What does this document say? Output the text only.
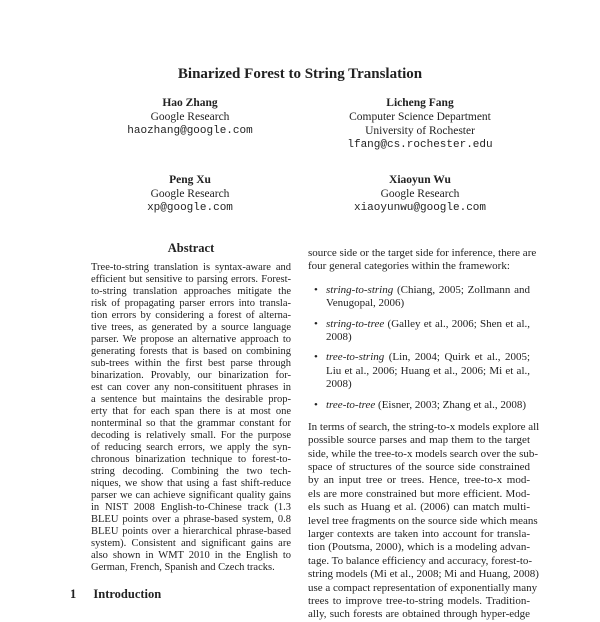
Binarized Forest to String Translation
Hao Zhang
Google Research
haozhang@google.com
Licheng Fang
Computer Science Department
University of Rochester
lfang@cs.rochester.edu
Peng Xu
Google Research
xp@google.com
Xiaoyun Wu
Google Research
xiaoyunwu@google.com
Abstract
Tree-to-string translation is syntax-aware and
efficient but sensitive to parsing errors. Forest-
to-string translation approaches mitigate the
risk of propagating parser errors into transla-
tion errors by considering a forest of alterna-
tive trees, as generated by a source language
parser. We propose an alternative approach to
generating forests that is based on combining
sub-trees within the first best parse through
binarization. Provably, our binarization for-
est can cover any non-consitituent phrases in
a sentence but maintains the desirable prop-
erty that for each span there is at most one
nonterminal so that the grammar constant for
decoding is relatively small. For the purpose
of reducing search errors, we apply the syn-
chronous binarization technique to forest-to-
string decoding. Combining the two tech-
niques, we show that using a fast shift-reduce
parser we can achieve significant quality gains
in NIST 2008 English-to-Chinese track (1.3
BLEU points over a phrase-based system, 0.8
BLEU points over a hierarchical phrase-based
system). Consistent and significant gains are
also shown in WMT 2010 in the English to
German, French, Spanish and Czech tracks.
1 Introduction
source side or the target side for inference, there are
four general categories within the framework:
• string-to-string (Chiang, 2005; Zollmann and
Venugopal, 2006)
• string-to-tree (Galley et al., 2006; Shen et al.,
2008)
• tree-to-string (Lin, 2004; Quirk et al., 2005;
Liu et al., 2006; Huang et al., 2006; Mi et al.,
2008)
• tree-to-tree (Eisner, 2003; Zhang et al., 2008)
In terms of search, the string-to-x models explore all
possible source parses and map them to the target
side, while the tree-to-x models search over the sub-
space of structures of the source side constrained
by an input tree or trees. Hence, tree-to-x mod-
els are more constrained but more efficient. Mod-
els such as Huang et al. (2006) can match multi-
level tree fragments on the source side which means
larger contexts are taken into account for transla-
tion (Poutsma, 2000), which is a modeling advan-
tage. To balance efficiency and accuracy, forest-to-
string models (Mi et al., 2008; Mi and Huang, 2008)
use a compact representation of exponentially many
trees to improve tree-to-string models. Tradition-
ally, such forests are obtained through hyper-edge
